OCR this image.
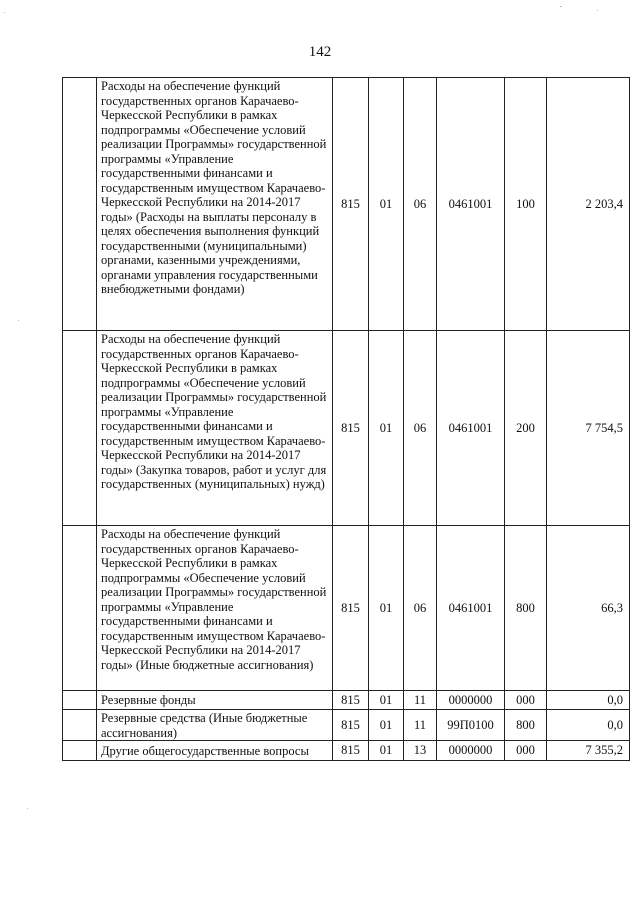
142
	Расходы на обеспечение функций государственных органов Карачаево-Черкесской Республики в рамках подпрограммы «Обеспечение условий реализации Программы» государственной программы «Управление государственными финансами и государственным имуществом Карачаево-Черкесской Республики на 2014-2017 годы» (Расходы на выплаты персоналу в целях обеспечения выполнения функций государственными (муниципальными) органами, казенными учреждениями, органами управления государственными внебюджетными фондами)	815	01	06	0461001	100	2 203,4
	Расходы на обеспечение функций государственных органов Карачаево-Черкесской Республики в рамках подпрограммы «Обеспечение условий реализации Программы» государственной программы «Управление государственными финансами и государственным имуществом Карачаево-Черкесской Республики на 2014-2017 годы» (Закупка товаров, работ и услуг для государственных (муниципальных) нужд)	815	01	06	0461001	200	7 754,5
	Расходы на обеспечение функций государственных органов Карачаево-Черкесской Республики в рамках подпрограммы «Обеспечение условий реализации Программы» государственной программы «Управление государственными финансами и государственным имуществом Карачаево-Черкесской Республики на 2014-2017 годы» (Иные бюджетные ассигнования)	815	01	06	0461001	800	66,3
	Резервные фонды	815	01	11	0000000	000	0,0
	Резервные средства (Иные бюджетные ассигнования)	815	01	11	99П0100	800	0,0
	Другие общегосударственные вопросы	815	01	13	0000000	000	7 355,2
